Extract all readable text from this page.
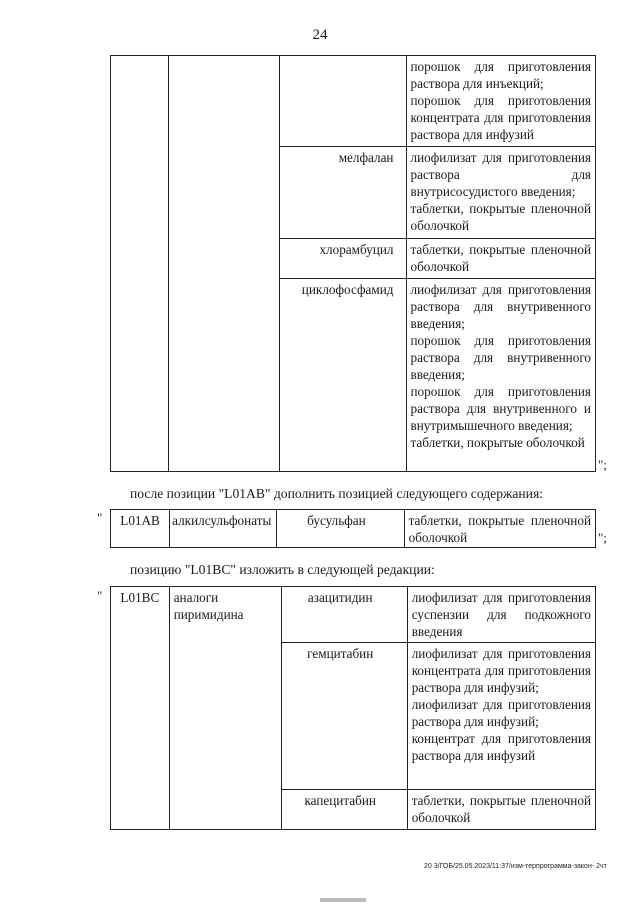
24

			порошок для приготовления раствора для инъекций;
порошок для приготовления концентрата для приготовления раствора для инфузий

		мелфалан	лиофилизат для приготовления раствора для внутрисосудистого введения;
таблетки, покрытые пленочной оболочкой

		хлорамбуцил	таблетки, покрытые пленочной оболочкой

		циклофосфамид	лиофилизат для приготовления раствора для внутривенного введения;
порошок для приготовления раствора для внутривенного введения;
порошок для приготовления раствора для внутривенного и внутримышечного введения;
таблетки, покрытые оболочкой
";
после позиции "L01AB" дополнить позицией следующего содержания:
" L01AB	алкилсульфонаты	бусульфан	таблетки, покрытые пленочной оболочкой	";
позицию "L01BC" изложить в следующей редакции:
" L01BC	аналоги пиримидина	азацитидин	лиофилизат для приготовления суспензии для подкожного введения

		гемцитабин	лиофилизат для приготовления концентрата для приготовления раствора для инфузий;
лиофилизат для приготовления раствора для инфузий;
концентрат для приготовления раствора для инфузий

		капецитабин	таблетки, покрытые пленочной оболочкой
20 3/ГОБ/25.05.2023/11:37/изм-терпрограмма-закон- 2чт
